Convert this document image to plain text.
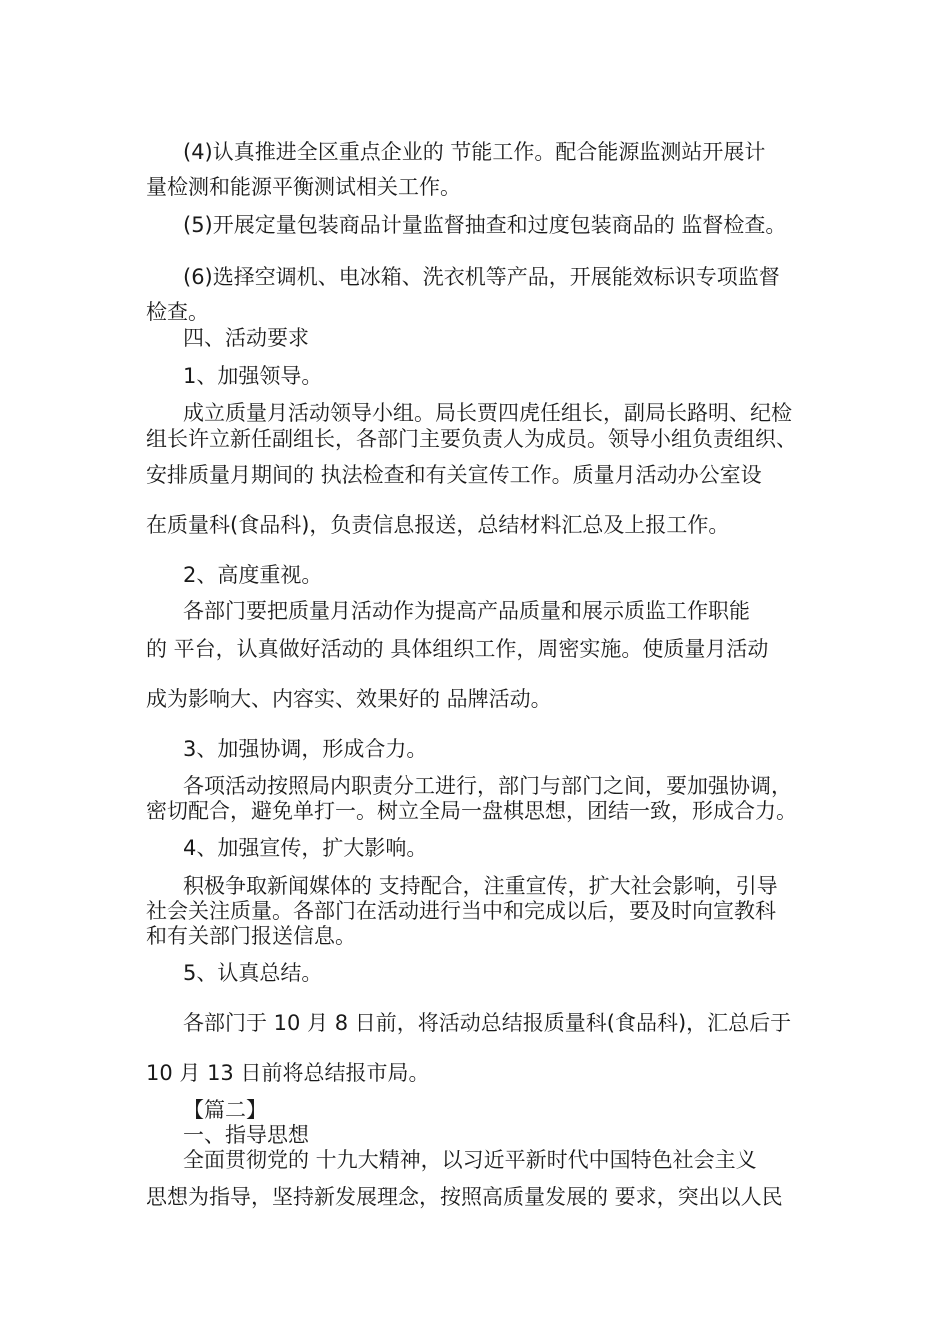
(4)认真推进全区重点企业的 节能工作。配合能源监测站开展计
量检测和能源平衡测试相关工作。
(5)开展定量包装商品计量监督抽查和过度包装商品的 监督检查。
(6)选择空调机、电冰箱、洗衣机等产品，开展能效标识专项监督
检查。
四、活动要求
1、加强领导。
成立质量月活动领导小组。局长贾四虎任组长，副局长路明、纪检
组长许立新任副组长，各部门主要负责人为成员。领导小组负责组织、
安排质量月期间的 执法检查和有关宣传工作。质量月活动办公室设
在质量科(食品科)，负责信息报送，总结材料汇总及上报工作。
2、高度重视。
各部门要把质量月活动作为提高产品质量和展示质监工作职能
的 平台，认真做好活动的 具体组织工作，周密实施。使质量月活动
成为影响大、内容实、效果好的 品牌活动。
3、加强协调，形成合力。
各项活动按照局内职责分工进行，部门与部门之间，要加强协调，
密切配合，避免单打一。树立全局一盘棋思想，团结一致，形成合力。
4、加强宣传，扩大影响。
积极争取新闻媒体的 支持配合，注重宣传，扩大社会影响，引导
社会关注质量。各部门在活动进行当中和完成以后，要及时向宣教科
和有关部门报送信息。
5、认真总结。
各部门于 10 月 8 日前，将活动总结报质量科(食品科)，汇总后于
10 月 13 日前将总结报市局。
【篇二】
一、指导思想
全面贯彻党的 十九大精神，以习近平新时代中国特色社会主义
思想为指导，坚持新发展理念，按照高质量发展的 要求，突出以人民
